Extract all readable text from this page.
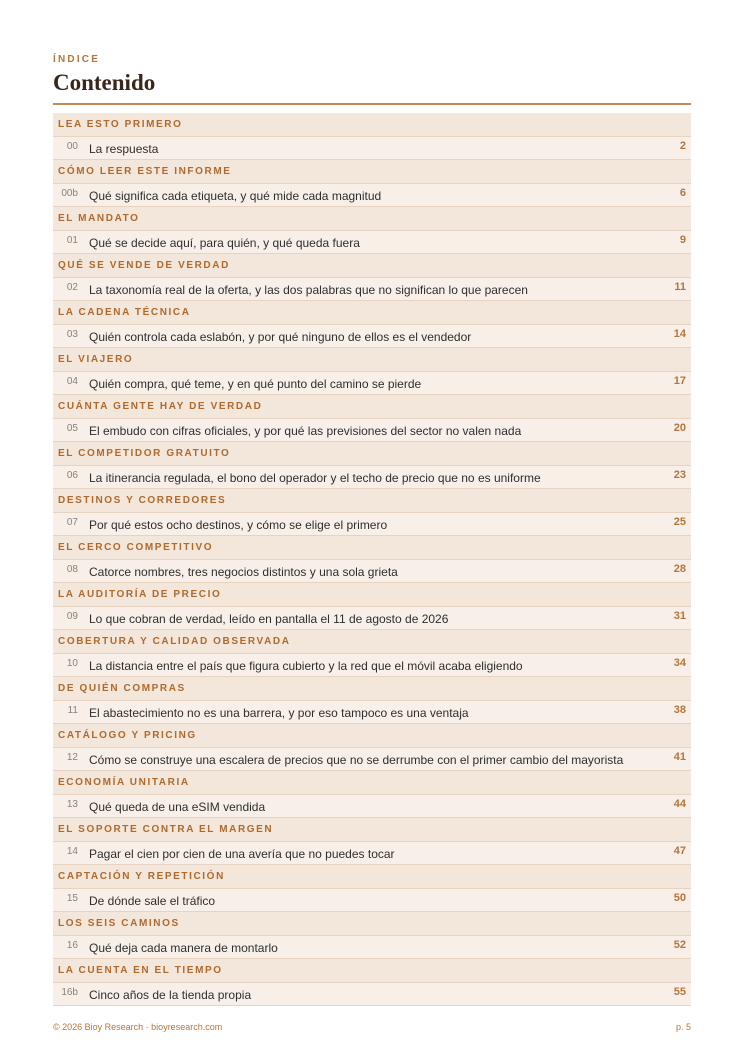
ÍNDICE
Contenido
LEA ESTO PRIMERO
00 La respuesta	2
CÓMO LEER ESTE INFORME
00b Qué significa cada etiqueta, y qué mide cada magnitud	6
EL MANDATO
01 Qué se decide aquí, para quién, y qué queda fuera	9
QUÉ SE VENDE DE VERDAD
02 La taxonomía real de la oferta, y las dos palabras que no significan lo que parecen	11
LA CADENA TÉCNICA
03 Quién controla cada eslabón, y por qué ninguno de ellos es el vendedor	14
EL VIAJERO
04 Quién compra, qué teme, y en qué punto del camino se pierde	17
CUÁNTA GENTE HAY DE VERDAD
05 El embudo con cifras oficiales, y por qué las previsiones del sector no valen nada	20
EL COMPETIDOR GRATUITO
06 La itinerancia regulada, el bono del operador y el techo de precio que no es uniforme	23
DESTINOS Y CORREDORES
07 Por qué estos ocho destinos, y cómo se elige el primero	25
EL CERCO COMPETITIVO
08 Catorce nombres, tres negocios distintos y una sola grieta	28
LA AUDITORÍA DE PRECIO
09 Lo que cobran de verdad, leído en pantalla el 11 de agosto de 2026	31
COBERTURA Y CALIDAD OBSERVADA
10 La distancia entre el país que figura cubierto y la red que el móvil acaba eligiendo	34
DE QUIÉN COMPRAS
11 El abastecimiento no es una barrera, y por eso tampoco es una ventaja	38
CATÁLOGO Y PRICING
12 Cómo se construye una escalera de precios que no se derrumbe con el primer cambio del mayorista	41
ECONOMÍA UNITARIA
13 Qué queda de una eSIM vendida	44
EL SOPORTE CONTRA EL MARGEN
14 Pagar el cien por cien de una avería que no puedes tocar	47
CAPTACIÓN Y REPETICIÓN
15 De dónde sale el tráfico	50
LOS SEIS CAMINOS
16 Qué deja cada manera de montarlo	52
LA CUENTA EN EL TIEMPO
16b Cinco años de la tienda propia	55
© 2026 Bioy Research · bioyresearch.com	p. 5
